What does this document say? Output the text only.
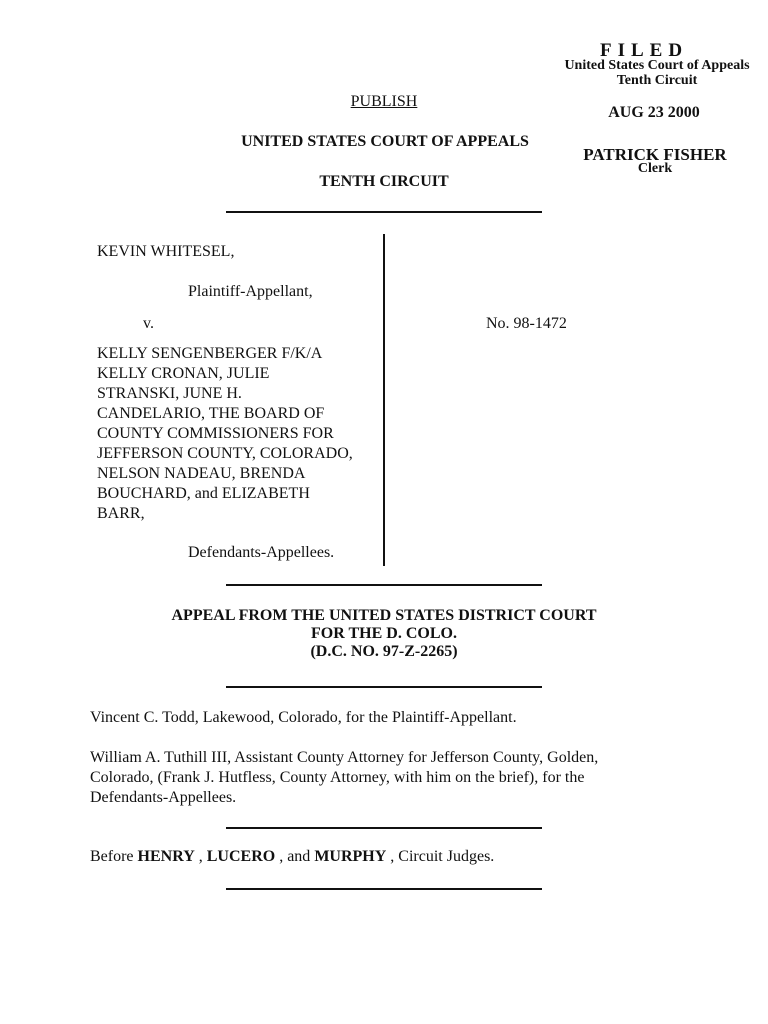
FILED
United States Court of Appeals
Tenth Circuit
AUG 23 2000
PATRICK FISHER
Clerk
PUBLISH
UNITED STATES COURT OF APPEALS
TENTH CIRCUIT
KEVIN WHITESEL,
Plaintiff-Appellant,
v.
KELLY SENGENBERGER F/K/A
KELLY CRONAN, JULIE
STRANSKI, JUNE H.
CANDELARIO, THE BOARD OF
COUNTY COMMISSIONERS FOR
JEFFERSON COUNTY, COLORADO,
NELSON NADEAU, BRENDA
BOUCHARD, and ELIZABETH
BARR,
Defendants-Appellees.
No. 98-1472
APPEAL FROM THE UNITED STATES DISTRICT COURT
FOR THE D. COLO.
(D.C. NO. 97-Z-2265)
Vincent C. Todd, Lakewood, Colorado, for the Plaintiff-Appellant.
William A. Tuthill III, Assistant County Attorney for Jefferson County, Golden,
Colorado, (Frank J. Hutfless, County Attorney, with him on the brief), for the
Defendants-Appellees.
Before HENRY , LUCERO , and MURPHY , Circuit Judges.
